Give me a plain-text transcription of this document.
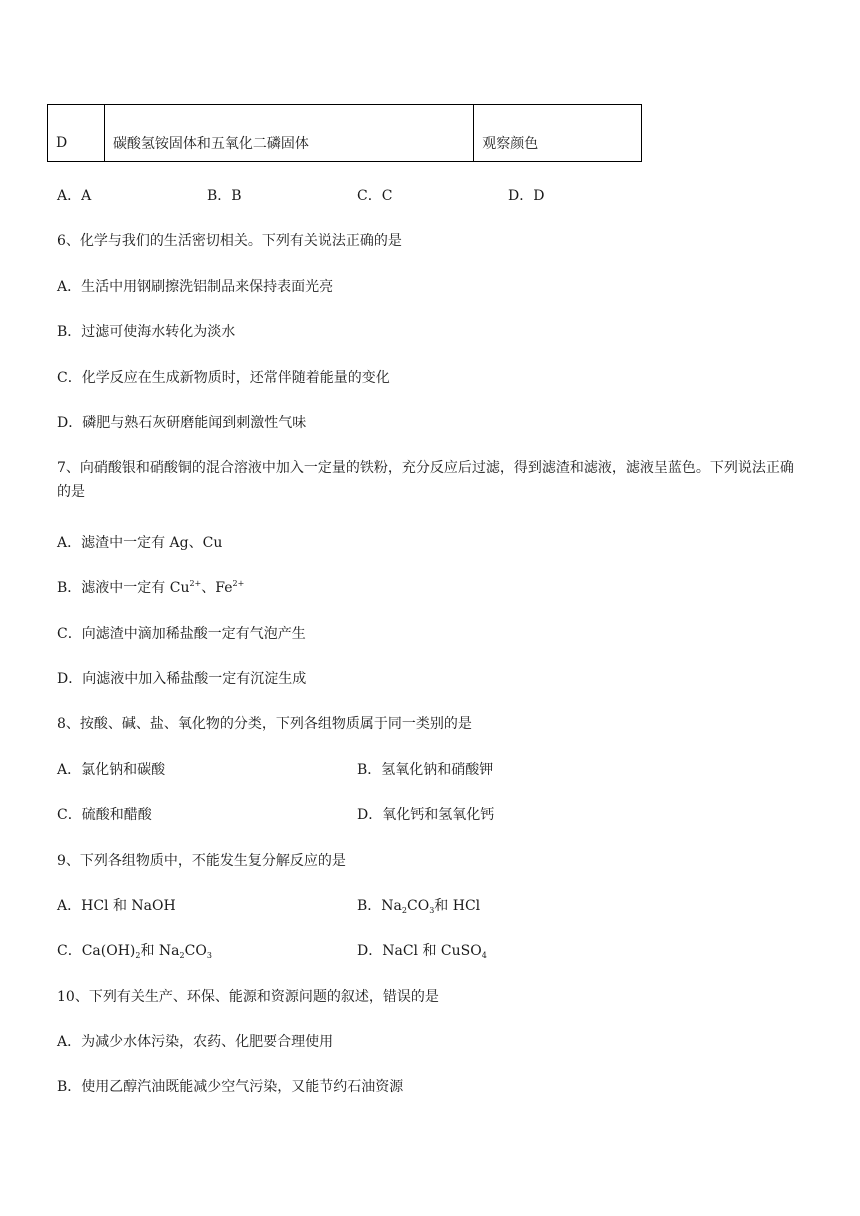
D	碳酸氢铵固体和五氧化二磷固体	观察颜色
A．A	B．B	C．C	D．D
6、化学与我们的生活密切相关。下列有关说法正确的是
A．生活中用钢刷擦洗铝制品来保持表面光亮
B．过滤可使海水转化为淡水
C．化学反应在生成新物质时，还常伴随着能量的变化
D．磷肥与熟石灰研磨能闻到刺激性气味
7、向硝酸银和硝酸铜的混合溶液中加入一定量的铁粉，充分反应后过滤，得到滤渣和滤液，滤液呈蓝色。下列说法正确的是
A．滤渣中一定有 Ag、Cu
B．滤液中一定有 $Cu^{2+}$、$Fe^{2+}$
C．向滤渣中滴加稀盐酸一定有气泡产生
D．向滤液中加入稀盐酸一定有沉淀生成
8、按酸、碱、盐、氧化物的分类，下列各组物质属于同一类别的是
A．氯化钠和碳酸	B．氢氧化钠和硝酸钾
C．硫酸和醋酸	D．氧化钙和氢氧化钙
9、下列各组物质中，不能发生复分解反应的是
A．HCl 和 NaOH	B．$Na_2CO_3$和 HCl
C．$Ca(OH)_2$和 $Na_2CO_3$	D．NaCl 和 CuSO$_4$
10、下列有关生产、环保、能源和资源问题的叙述，错误的是
A．为减少水体污染，农药、化肥要合理使用
B．使用乙醇汽油既能减少空气污染，又能节约石油资源
